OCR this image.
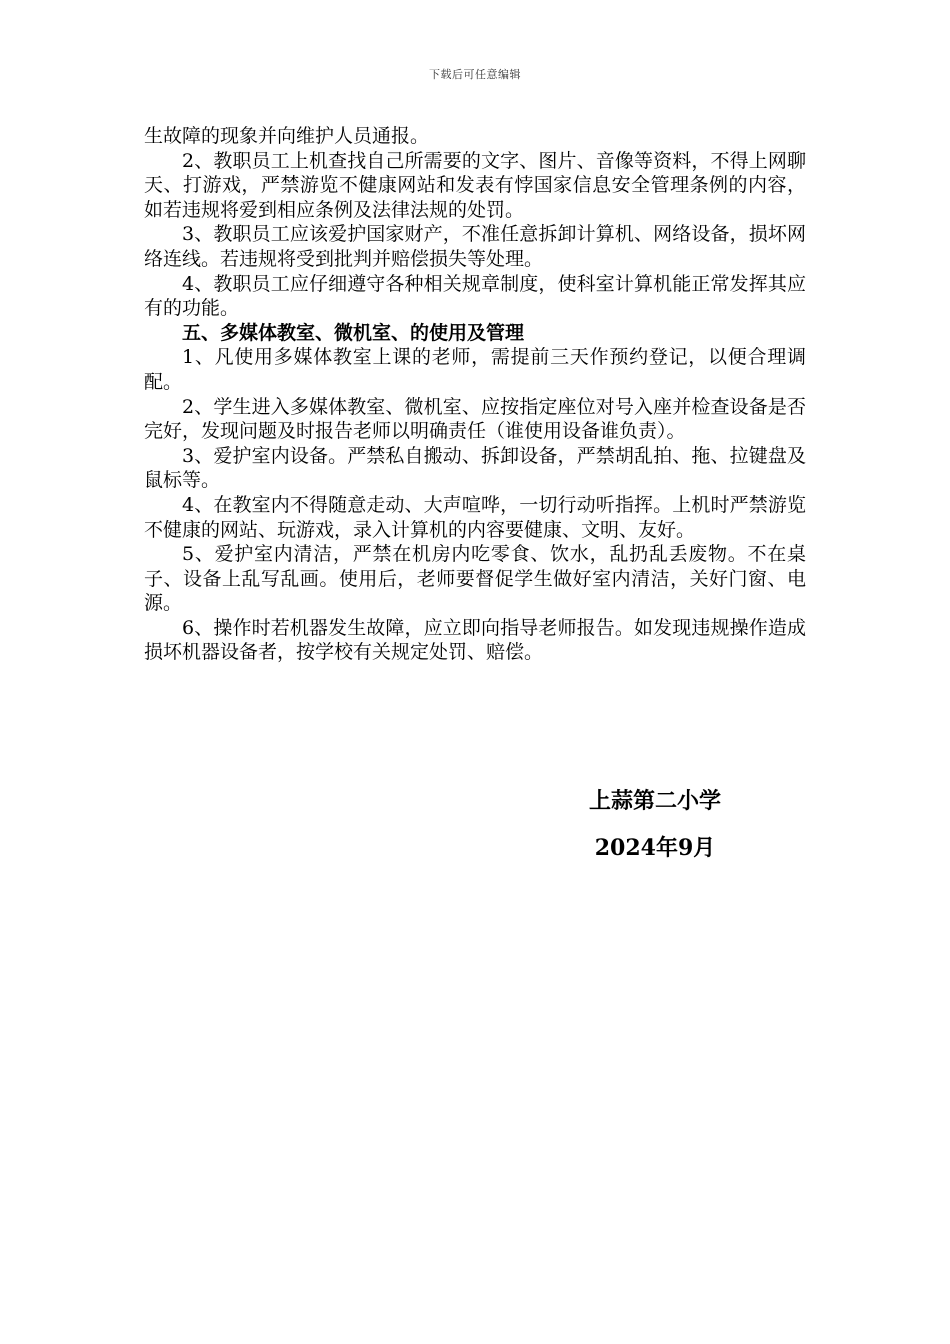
下载后可任意编辑

生故障的现象并向维护人员通报。

2、教职员工上机查找自己所需要的文字、图片、音像等资料，不得上网聊天、打游戏，严禁游览不健康网站和发表有悖国家信息安全管理条例的内容，如若违规将爱到相应条例及法律法规的处罚。

3、教职员工应该爱护国家财产，不准任意拆卸计算机、网络设备，损坏网络连线。若违规将受到批判并赔偿损失等处理。

4、教职员工应仔细遵守各种相关规章制度，使科室计算机能正常发挥其应有的功能。

五、多媒体教室、微机室、的使用及管理

1、凡使用多媒体教室上课的老师，需提前三天作预约登记，以便合理调配。

2、学生进入多媒体教室、微机室、应按指定座位对号入座并检查设备是否完好，发现问题及时报告老师以明确责任（谁使用设备谁负责）。

3、爱护室内设备。严禁私自搬动、拆卸设备，严禁胡乱拍、拖、拉键盘及鼠标等。

4、在教室内不得随意走动、大声喧哗，一切行动听指挥。上机时严禁游览不健康的网站、玩游戏，录入计算机的内容要健康、文明、友好。

5、爱护室内清洁，严禁在机房内吃零食、饮水，乱扔乱丢废物。不在桌子、设备上乱写乱画。使用后，老师要督促学生做好室内清洁，关好门窗、电源。

6、操作时若机器发生故障，应立即向指导老师报告。如发现违规操作造成损坏机器设备者，按学校有关规定处罚、赔偿。

上蒜第二小学
2024年9月
